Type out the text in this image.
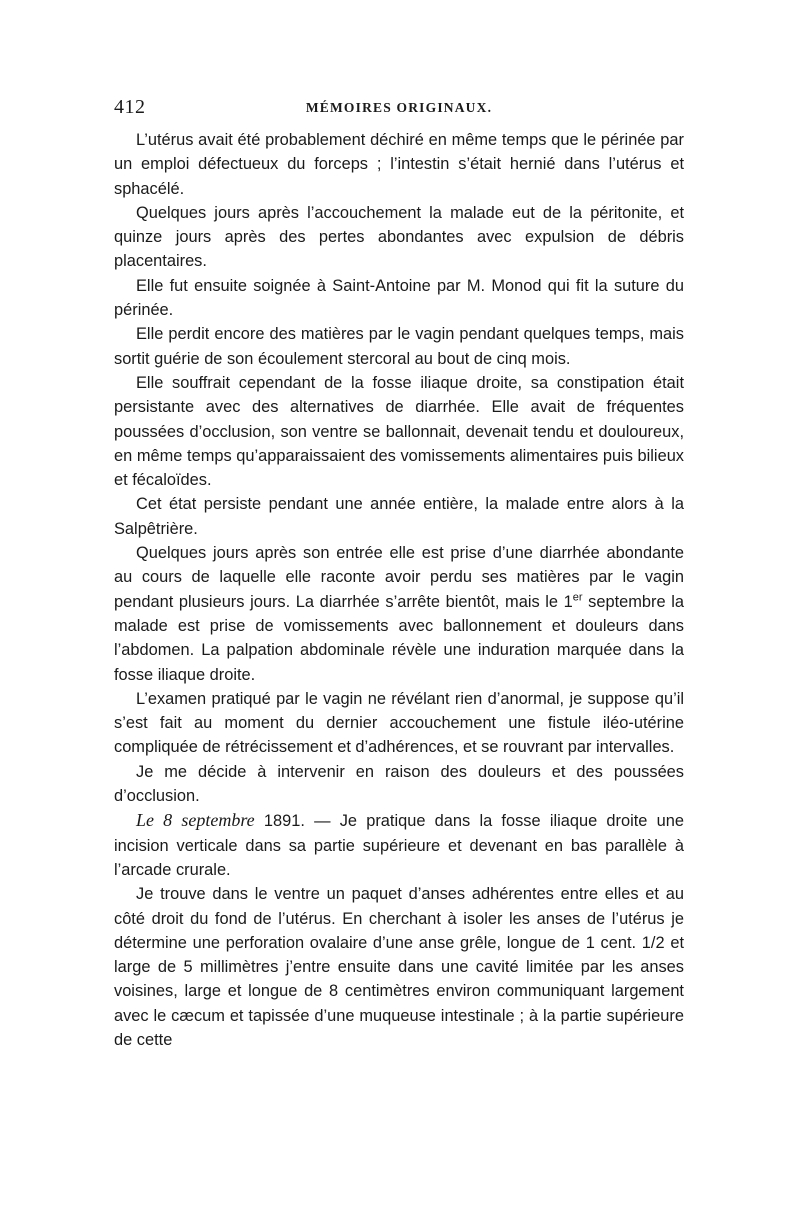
412	MÉMOIRES ORIGINAUX.

L’utérus avait été probablement déchiré en même temps que le périnée par un emploi défectueux du forceps ; l’intestin s’était hernié dans l’utérus et sphacélé.

Quelques jours après l’accouchement la malade eut de la péritonite, et quinze jours après des pertes abondantes avec expulsion de débris placentaires.

Elle fut ensuite soignée à Saint-Antoine par M. Monod qui fit la suture du périnée.

Elle perdit encore des matières par le vagin pendant quelques temps, mais sortit guérie de son écoulement stercoral au bout de cinq mois.

Elle souffrait cependant de la fosse iliaque droite, sa constipation était persistante avec des alternatives de diarrhée. Elle avait de fréquentes poussées d’occlusion, son ventre se ballonnait, devenait tendu et douloureux, en même temps qu’apparaissaient des vomissements alimentaires puis bilieux et fécaloïdes.

Cet état persiste pendant une année entière, la malade entre alors à la Salpêtrière.

Quelques jours après son entrée elle est prise d’une diarrhée abondante au cours de laquelle elle raconte avoir perdu ses matières par le vagin pendant plusieurs jours. La diarrhée s’arrête bientôt, mais le 1er septembre la malade est prise de vomissements avec ballonnement et douleurs dans l’abdomen. La palpation abdominale révèle une induration marquée dans la fosse iliaque droite.

L’examen pratiqué par le vagin ne révélant rien d’anormal, je suppose qu’il s’est fait au moment du dernier accouchement une fistule iléo-utérine compliquée de rétrécissement et d’adhérences, et se rouvrant par intervalles.

Je me décide à intervenir en raison des douleurs et des poussées d’occlusion.

Le 8 septembre 1891. — Je pratique dans la fosse iliaque droite une incision verticale dans sa partie supérieure et devenant en bas parallèle à l’arcade crurale.

Je trouve dans le ventre un paquet d’anses adhérentes entre elles et au côté droit du fond de l’utérus. En cherchant à isoler les anses de l’utérus je détermine une perforation ovalaire d’une anse grêle, longue de 1 cent. 1/2 et large de 5 millimètres j’entre ensuite dans une cavité limitée par les anses voisines, large et longue de 8 centimètres environ communiquant largement avec le cæcum et tapissée d’une muqueuse intestinale ; à la partie supérieure de cette
